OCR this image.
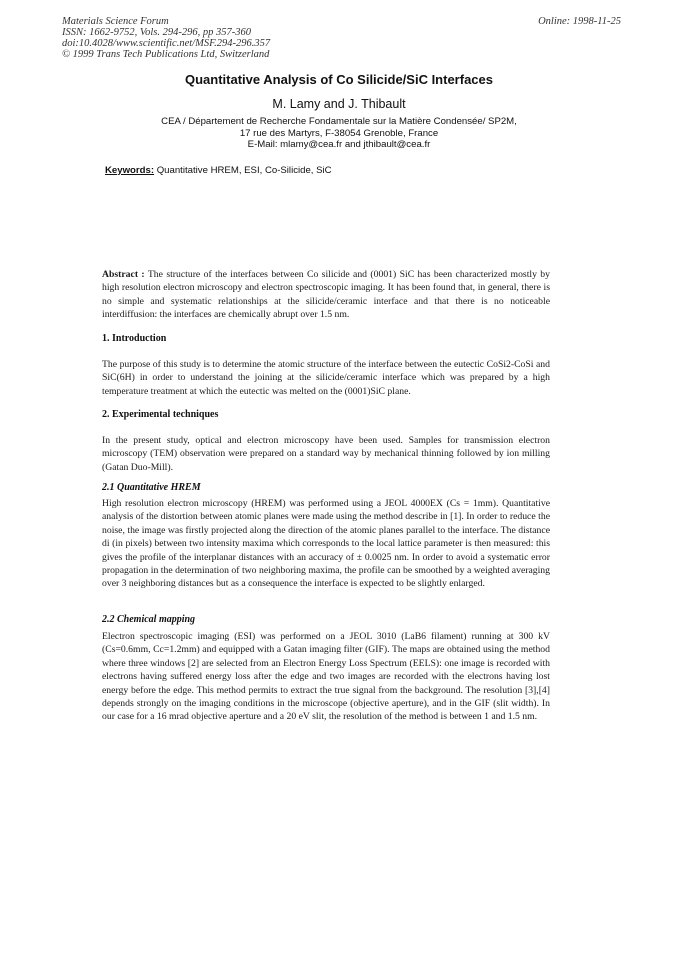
Materials Science Forum
ISSN: 1662-9752, Vols. 294-296, pp 357-360
doi:10.4028/www.scientific.net/MSF.294-296.357
© 1999 Trans Tech Publications Ltd, Switzerland
Online: 1998-11-25
Quantitative Analysis of Co Silicide/SiC Interfaces
M. Lamy and J. Thibault
CEA / Département de Recherche Fondamentale sur la Matière Condensée/ SP2M,
17 rue des Martyrs, F-38054 Grenoble, France
E-Mail: mlamy@cea.fr and jthibault@cea.fr
Keywords: Quantitative HREM, ESI, Co-Silicide, SiC

Abstract : The structure of the interfaces between Co silicide and (0001) SiC has been characterized mostly by high resolution electron microscopy and electron spectroscopic imaging. It has been found that, in general, there is no simple and systematic relationships at the silicide/ceramic interface and that there is no noticeable interdiffusion: the interfaces are chemically abrupt over 1.5 nm.

1. Introduction

The purpose of this study is to determine the atomic structure of the interface between the eutectic CoSi2-CoSi and SiC(6H) in order to understand the joining at the silicide/ceramic interface which was prepared by a high temperature treatment at which the eutectic was melted on the (0001)SiC plane.

2. Experimental techniques

In the present study, optical and electron microscopy have been used. Samples for transmission electron microscopy (TEM) observation were prepared on a standard way by mechanical thinning followed by ion milling (Gatan Duo-Mill).

2.1 Quantitative HREM

High resolution electron microscopy (HREM) was performed using a JEOL 4000EX (Cs = 1mm). Quantitative analysis of the distortion between atomic planes were made using the method describe in [1]. In order to reduce the noise, the image was firstly projected along the direction of the atomic planes parallel to the interface. The distance di (in pixels) between two intensity maxima which corresponds to the local lattice parameter is then measured: this gives the profile of the interplanar distances with an accuracy of ± 0.0025 nm. In order to avoid a systematic error propagation in the determination of two neighboring maxima, the profile can be smoothed by a weighted averaging over 3 neighboring distances but as a consequence the interface is expected to be slightly enlarged.

2.2 Chemical mapping

Electron spectroscopic imaging (ESI) was performed on a JEOL 3010 (LaB6 filament) running at 300 kV (Cs=0.6mm, Cc=1.2mm) and equipped with a Gatan imaging filter (GIF). The maps are obtained using the method where three windows [2] are selected from an Electron Energy Loss Spectrum (EELS): one image is recorded with electrons having suffered energy loss after the edge and two images are recorded with the electrons having lost energy before the edge. This method permits to extract the true signal from the background. The resolution [3],[4] depends strongly on the imaging conditions in the microscope (objective aperture), and in the GIF (slit width). In our case for a 16 mrad objective aperture and a 20 eV slit, the resolution of the method is between 1 and 1.5 nm.
